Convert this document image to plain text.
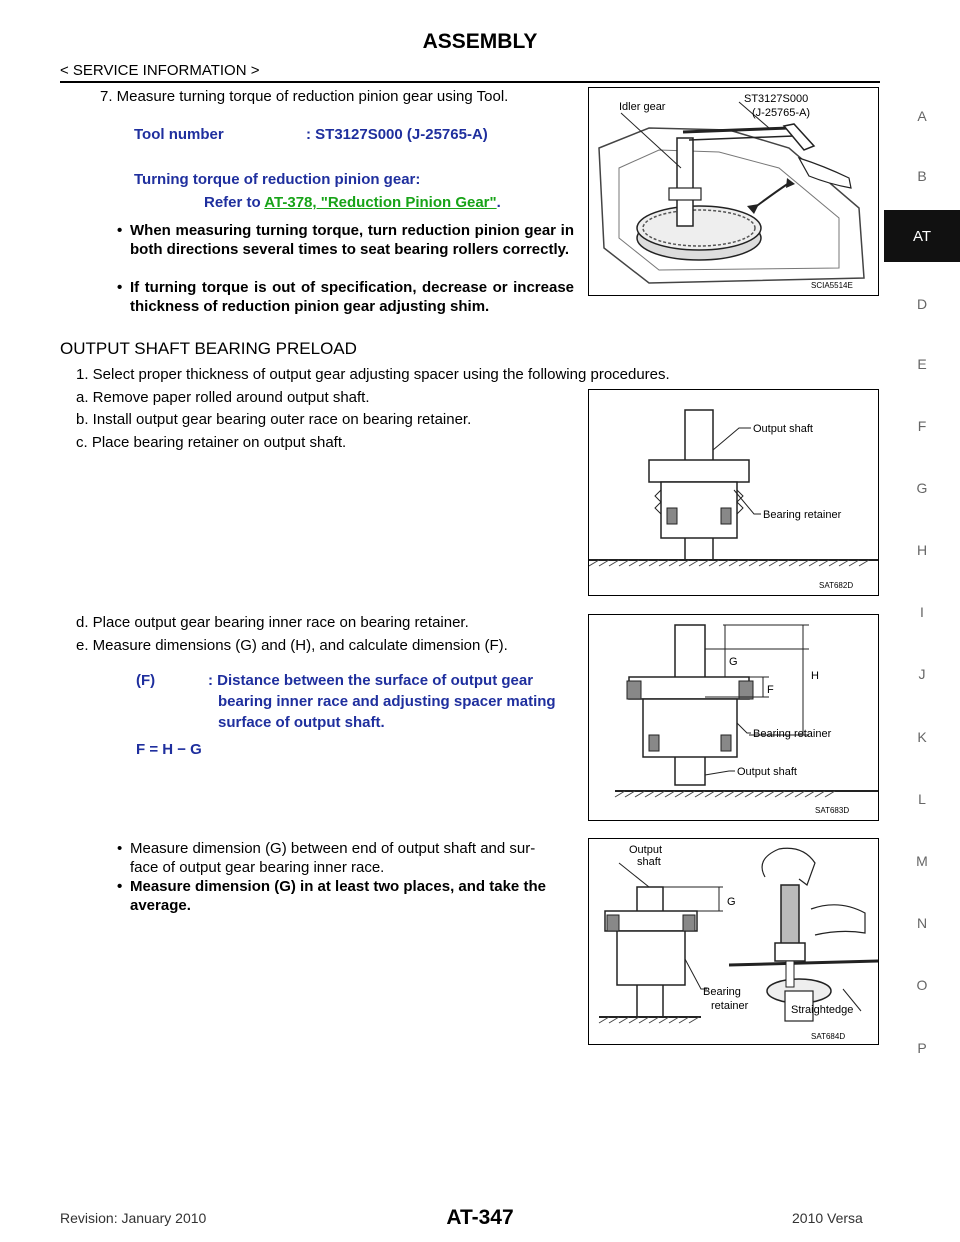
ASSEMBLY
< SERVICE INFORMATION >
A
B
AT
D
E
F
G
H
I
J
K
L
M
N
O
P
7. Measure turning torque of reduction pinion gear using Tool.
Tool number	: ST3127S000 (J-25765-A)
Turning torque of reduction pinion gear:
Refer to AT-378, "Reduction Pinion Gear".
• When measuring turning torque, turn reduction pinion gear in both directions several times to seat bearing rollers correctly.
• If turning torque is out of specification, decrease or increase thickness of reduction pinion gear adjusting shim.
Idler gear
ST3127S000
(J-25765-A)
SCIA5514E
OUTPUT SHAFT BEARING PRELOAD
1. Select proper thickness of output gear adjusting spacer using the following procedures.
a. Remove paper rolled around output shaft.
b. Install output gear bearing outer race on bearing retainer.
c. Place bearing retainer on output shaft.
Output shaft
Bearing retainer
SAT682D
d. Place output gear bearing inner race on bearing retainer.
e. Measure dimensions (G) and (H), and calculate dimension (F).
(F)	: Distance between the surface of output gear
bearing inner race and adjusting spacer mating
surface of output shaft.
F = H − G
G
H
F
Bearing retainer
Output shaft
SAT683D
• Measure dimension (G) between end of output shaft and sur-
face of output gear bearing inner race.
• Measure dimension (G) in at least two places, and take the
average.
Output
shaft
G
Bearing
retainer	Straightedge
SAT684D
Revision: January 2010	AT-347	2010 Versa
